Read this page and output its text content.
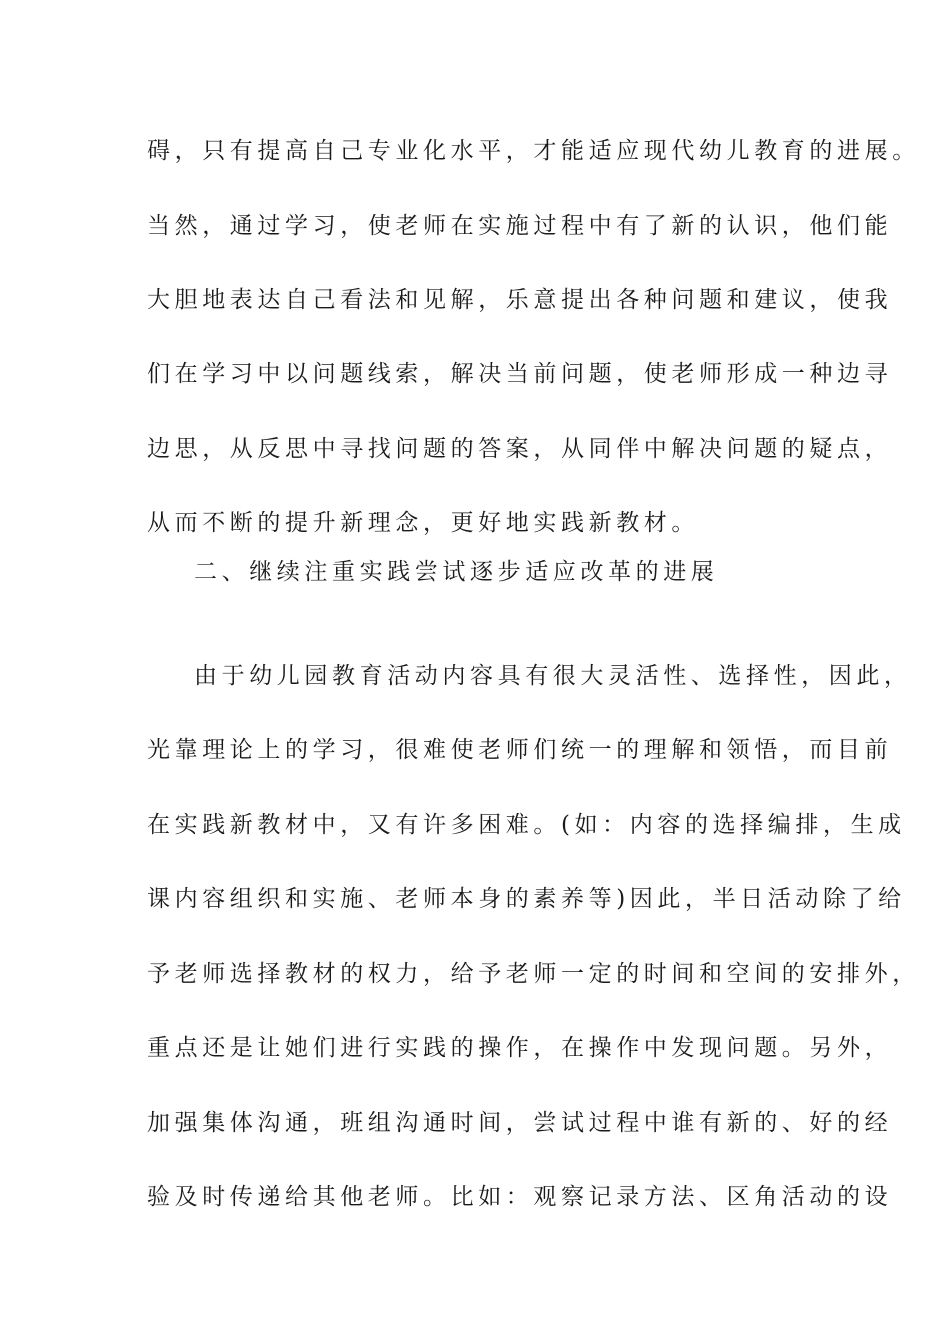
碍，只有提高自己专业化水平，才能适应现代幼儿教育的进展。

当然，通过学习，使老师在实施过程中有了新的认识，他们能

大胆地表达自己看法和见解，乐意提出各种问题和建议，使我

们在学习中以问题线索，解决当前问题，使老师形成一种边寻

边思，从反思中寻找问题的答案，从同伴中解决问题的疑点，

从而不断的提升新理念，更好地实践新教材。

二、继续注重实践尝试逐步适应改革的进展

由于幼儿园教育活动内容具有很大灵活性、选择性，因此，

光靠理论上的学习，很难使老师们统一的理解和领悟，而目前

在实践新教材中，又有许多困难。(如：内容的选择编排，生成

课内容组织和实施、老师本身的素养等)因此，半日活动除了给

予老师选择教材的权力，给予老师一定的时间和空间的安排外，

重点还是让她们进行实践的操作，在操作中发现问题。另外，

加强集体沟通，班组沟通时间，尝试过程中谁有新的、好的经

验及时传递给其他老师。比如：观察记录方法、区角活动的设
